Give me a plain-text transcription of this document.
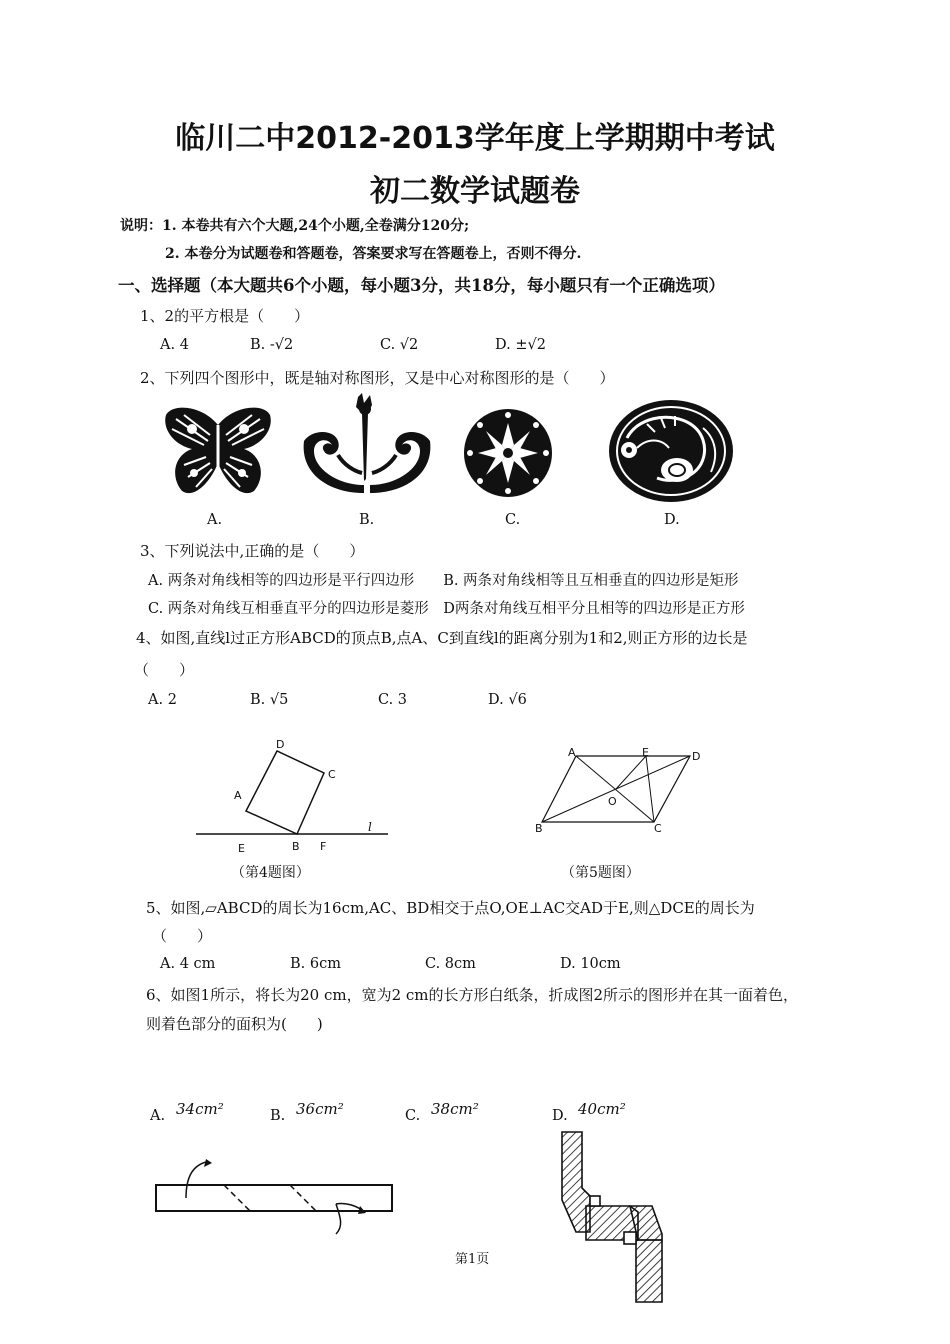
临川二中2012-2013学年度上学期期中考试
初二数学试题卷
说明：1. 本卷共有六个大题,24个小题,全卷满分120分;
2. 本卷分为试题卷和答题卷，答案要求写在答题卷上，否则不得分.
一、选择题（本大题共6个小题，每小题3分，共18分，每小题只有一个正确选项）
1、2的平方根是（　　）
A. 4	B. -√2	C. √2	D. ±√2
2、下列四个图形中，既是轴对称图形，又是中心对称图形的是（　　）
A.	B.	C.	D.
3、下列说法中,正确的是（　　）
A. 两条对角线相等的四边形是平行四边形　　B. 两条对角线相等且互相垂直的四边形是矩形
C. 两条对角线互相垂直平分的四边形是菱形　D两条对角线互相平分且相等的四边形是正方形
4、如图,直线l过正方形ABCD的顶点B,点A、C到直线l的距离分别为1和2,则正方形的边长是
（　　）
A. 2	B. √5	C. 3	D. √6
D
C
A
E	B F
l
（第4题图）
A	E	D
O
B	C
（第5题图）
5、如图,▱ABCD的周长为16cm,AC、BD相交于点O,OE⊥AC交AD于E,则△DCE的周长为
（　　）
A. 4 cm	B. 6cm	C. 8cm	D. 10cm
6、如图1所示，将长为20 cm，宽为2 cm的长方形白纸条，折成图2所示的图形并在其一面着色，
则着色部分的面积为(　　)
A. 34cm²	B. 36cm²	C. 38cm²	D. 40cm²
第1页
